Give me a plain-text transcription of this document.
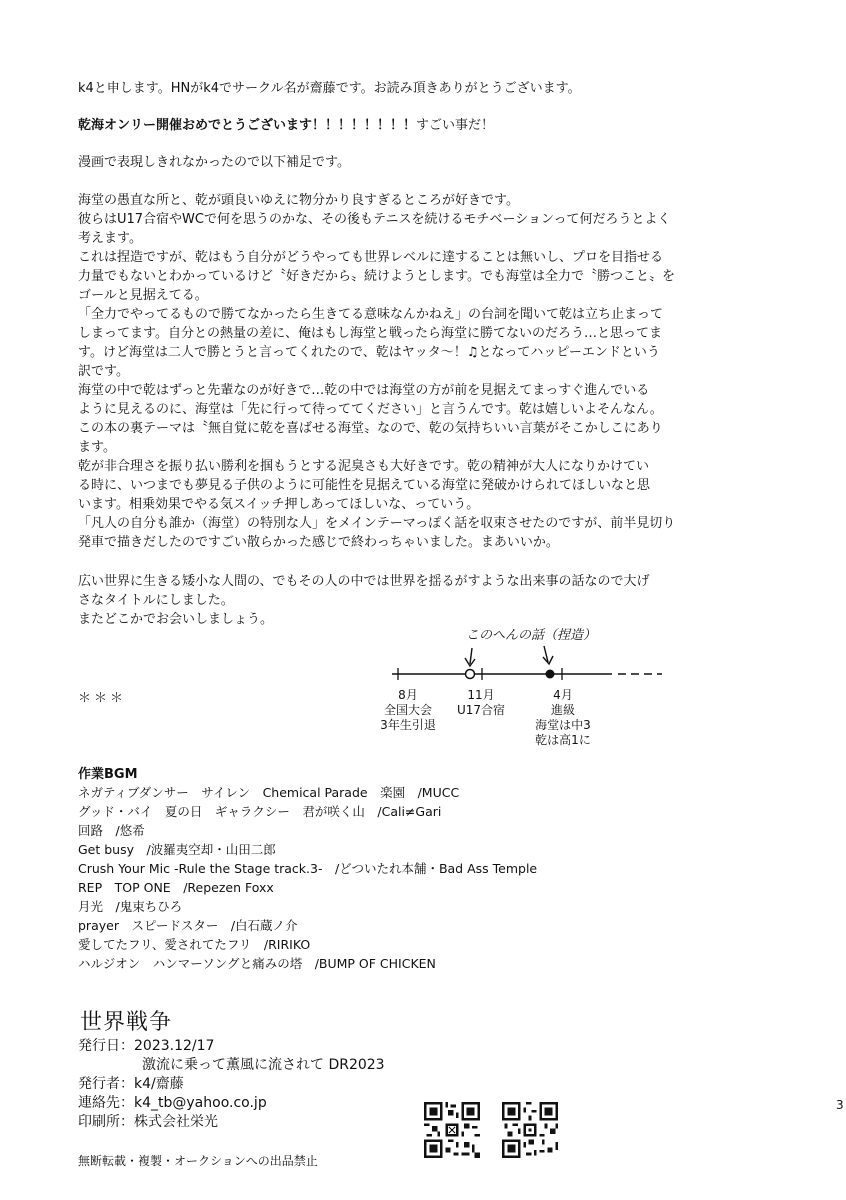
k4と申します。HNがk4でサークル名が齋藤です。お読み頂きありがとうございます。
乾海オンリー開催おめでとうございます！！！！！！！！すごい事だ！
漫画で表現しきれなかったので以下補足です。
海堂の愚直な所と、乾が頭良いゆえに物分かり良すぎるところが好きです。
彼らはU17合宿やWCで何を思うのかな、その後もテニスを続けるモチベーションって何だろうとよく
考えます。
これは捏造ですが、乾はもう自分がどうやっても世界レベルに達することは無いし、プロを目指せる
力量でもないとわかっているけど〝好きだから〟続けようとします。でも海堂は全力で〝勝つこと〟を
ゴールと見据えてる。
「全力でやってるもので勝てなかったら生きてる意味なんかねえ」の台詞を聞いて乾は立ち止まって
しまってます。自分との熱量の差に、俺はもし海堂と戦ったら海堂に勝てないのだろう…と思ってま
す。けど海堂は二人で勝とうと言ってくれたので、乾はヤッタ～！♫となってハッピーエンドという
訳です。
海堂の中で乾はずっと先輩なのが好きで…乾の中では海堂の方が前を見据えてまっすぐ進んでいる
ように見えるのに、海堂は「先に行って待っててください」と言うんです。乾は嬉しいよそんなん。
この本の裏テーマは〝無自覚に乾を喜ばせる海堂〟なので、乾の気持ちいい言葉がそこかしこにあり
ます。
乾が非合理さを振り払い勝利を掴もうとする泥臭さも大好きです。乾の精神が大人になりかけてい
る時に、いつまでも夢見る子供のように可能性を見据えている海堂に発破かけられてほしいなと思
います。相乗効果でやる気スイッチ押しあってほしいな、っていう。
「凡人の自分も誰か（海堂）の特別な人」をメインテーマっぽく話を収束させたのですが、前半見切り
発車で描きだしたのですごい散らかった感じで終わっちゃいました。まあいいか。
広い世界に生きる矮小な人間の、でもその人の中では世界を揺るがすような出来事の話なので大げ
さなタイトルにしました。
またどこかでお会いしましょう。
＊＊＊
このへんの話（捏造）
8月
全国大会
3年生引退
11月
U17合宿
4月
進級
海堂は中3
乾は高1に
作業BGM
ネガティブダンサー　サイレン　Chemical Parade　楽園　/MUCC
グッド・バイ　夏の日　ギャラクシー　君が咲く山　/Cali≠Gari
回路　/悠希
Get busy　/波羅夷空却・山田二郎
Crush Your Mic -Rule the Stage track.3-　/どついたれ本舗・Bad Ass Temple
REP　TOP ONE　/Repezen Foxx
月光　/鬼束ちひろ
prayer　スピードスター　/白石蔵ノ介
愛してたフリ、愛されてたフリ　/RIRIKO
ハルジオン　ハンマーソングと痛みの塔　/BUMP OF CHICKEN
世界戦争
発行日：2023.12/17
激流に乗って薫風に流されて DR2023
発行者：k4/齋藤
連絡先：k4_tb@yahoo.co.jp
印刷所：株式会社栄光
無断転載・複製・オークションへの出品禁止
3
